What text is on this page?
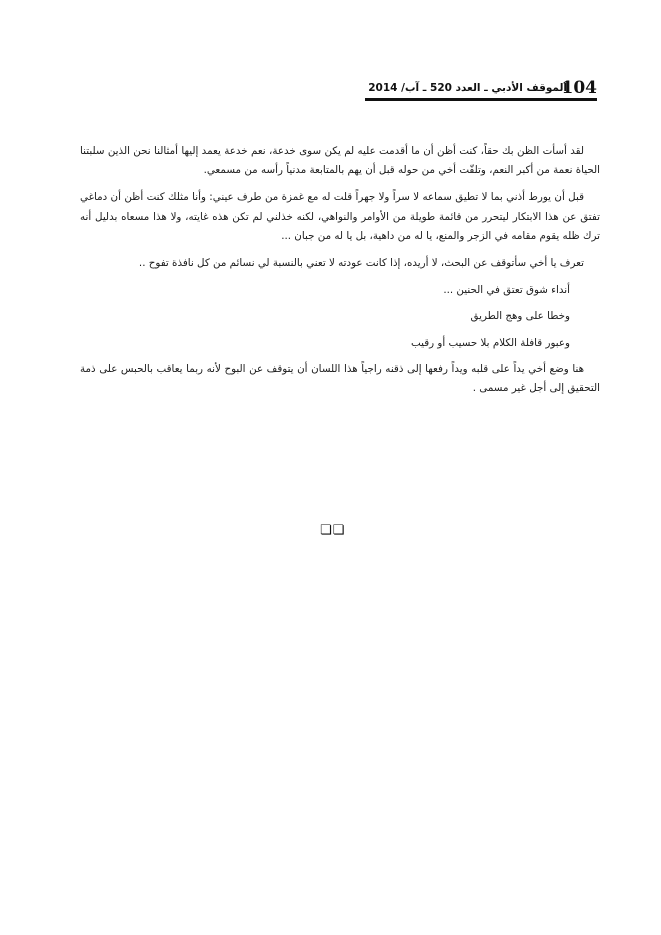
104
الموقف الأدبي ـ العدد 520 ـ آب/ 2014

لقد أسأت الظن بك حقاً، كنت أظن أن ما أقدمت عليه لم يكن سوى خدعة، نعم خدعة يعمد إليها أمثالنا نحن الذين سلبتنا الحياة نعمة من أكبر النعم، وتلفّت أخي من حوله قبل أن يهم بالمتابعة مدنياً رأسه من مسمعي.

قبل أن يورط أذني بما لا تطيق سماعه لا سراً ولا جهراً قلت له مع غمزة من طرف عيني: وأنا مثلك كنت أظن أن دماغي تفتق عن هذا الابتكار ليتحرر من قائمة طويلة من الأوامر والنواهي، لكنه خذلني لم تكن هذه غايته، ولا هذا مسعاه بدليل أنه ترك ظله يقوم مقامه في الزجر والمنع، يا له من داهية، بل يا له من جبان ...

تعرف يا أخي سأتوقف عن البحث، لا أريده، إذا كانت عودته لا تعني بالنسبة لي نسائم من كل نافذة تفوح ..

أنداء شوق تعتق في الحنين ...

وخطا على وهج الطريق

وعبور قافلة الكلام بلا حسيب أو رقيب

هنا وضع أخي يداً على قلبه ويداً رفعها إلى ذقنه راجياً هذا اللسان أن يتوقف عن البوح لأنه ربما يعاقب بالحبس على ذمة التحقيق إلى أجل غير مسمى .

❏❏
